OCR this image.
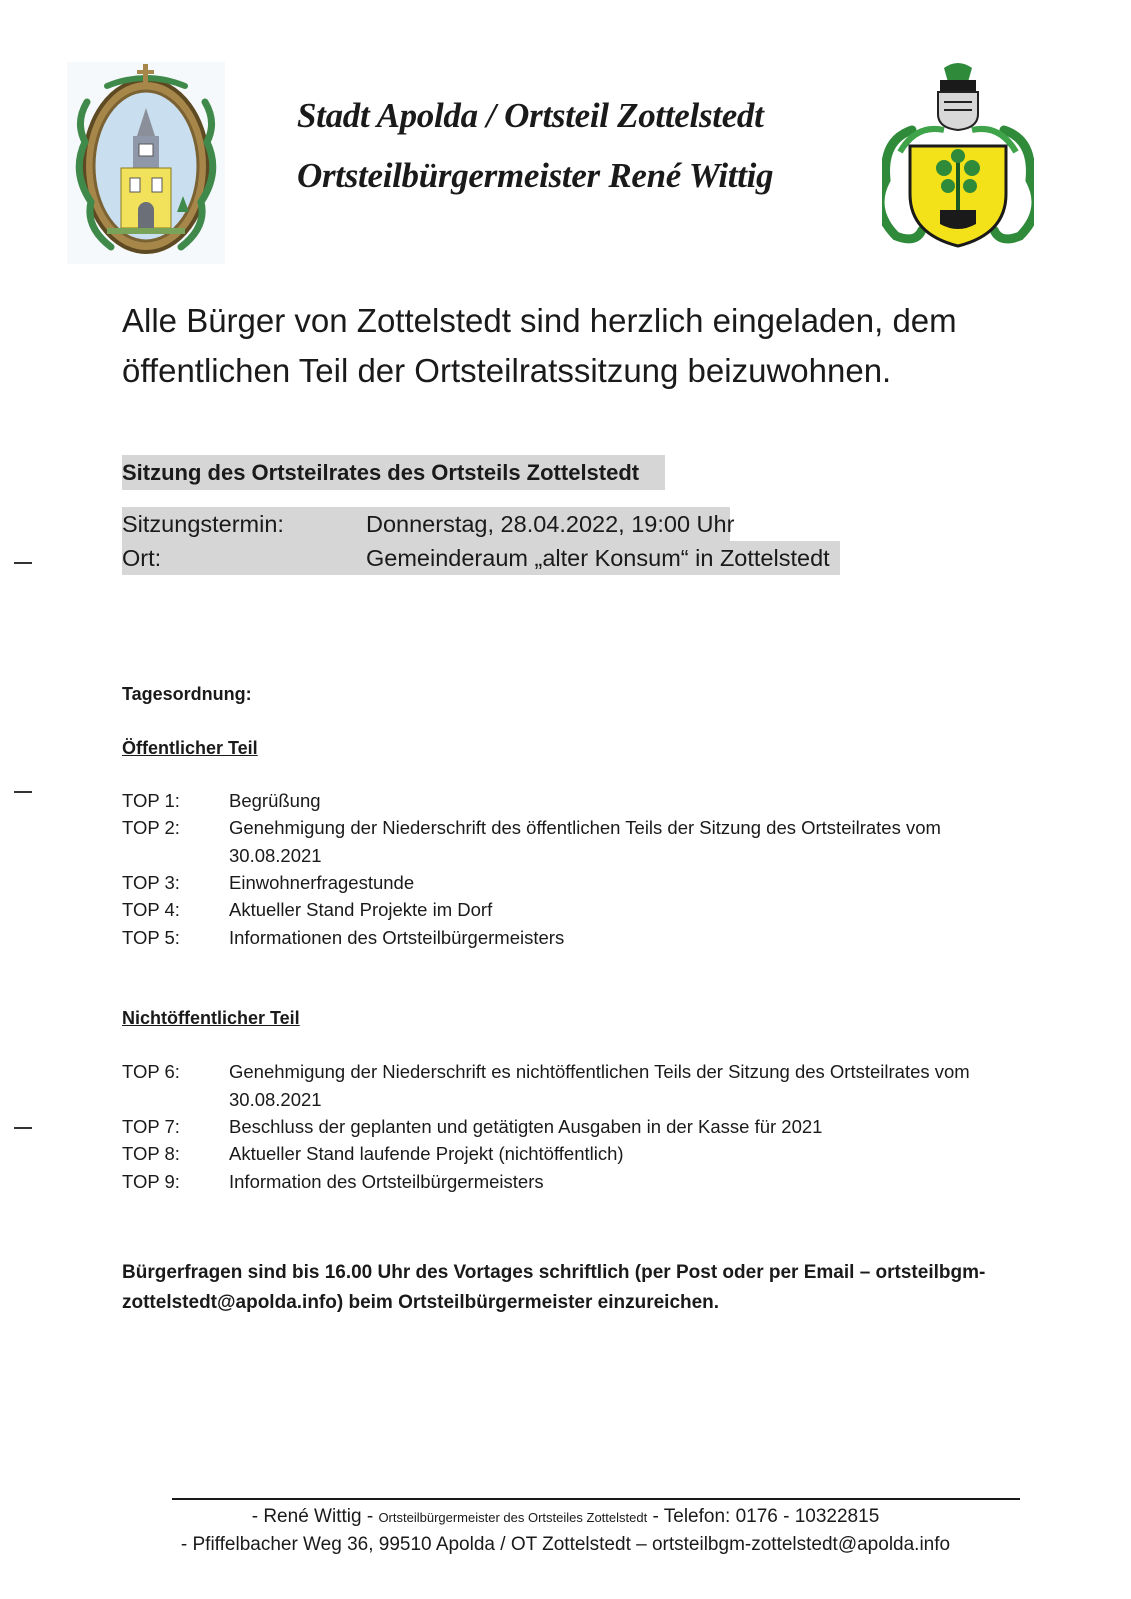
Stadt Apolda / Ortsteil Zottelstedt
Ortsteilbürgermeister René Wittig
Alle Bürger von Zottelstedt sind herzlich eingeladen, dem
öffentlichen Teil der Ortsteilratssitzung beizuwohnen.
Sitzung des Ortsteilrates des Ortsteils Zottelstedt
Sitzungstermin:	Donnerstag, 28.04.2022, 19:00 Uhr
Ort:	Gemeinderaum „alter Konsum“ in Zottelstedt
Tagesordnung:
Öffentlicher Teil
TOP 1:	Begrüßung
TOP 2:	Genehmigung der Niederschrift des öffentlichen Teils der Sitzung des Ortsteilrates vom 30.08.2021
TOP 3:	Einwohnerfragestunde
TOP 4:	Aktueller Stand Projekte im Dorf
TOP 5:	Informationen des Ortsteilbürgermeisters
Nichtöffentlicher Teil
TOP 6:	Genehmigung der Niederschrift es nichtöffentlichen Teils der Sitzung des Ortsteilrates vom 30.08.2021
TOP 7:	Beschluss der geplanten und getätigten Ausgaben in der Kasse für 2021
TOP 8:	Aktueller Stand laufende Projekt (nichtöffentlich)
TOP 9:	Information des Ortsteilbürgermeisters
Bürgerfragen sind bis 16.00 Uhr des Vortages schriftlich (per Post oder per Email – ortsteilbgm-zottelstedt@apolda.info) beim Ortsteilbürgermeister einzureichen.
- René Wittig - Ortsteilbürgermeister des Ortsteiles Zottelstedt - Telefon: 0176 - 10322815
- Pfiffelbacher Weg 36, 99510 Apolda / OT Zottelstedt – ortsteilbgm-zottelstedt@apolda.info
